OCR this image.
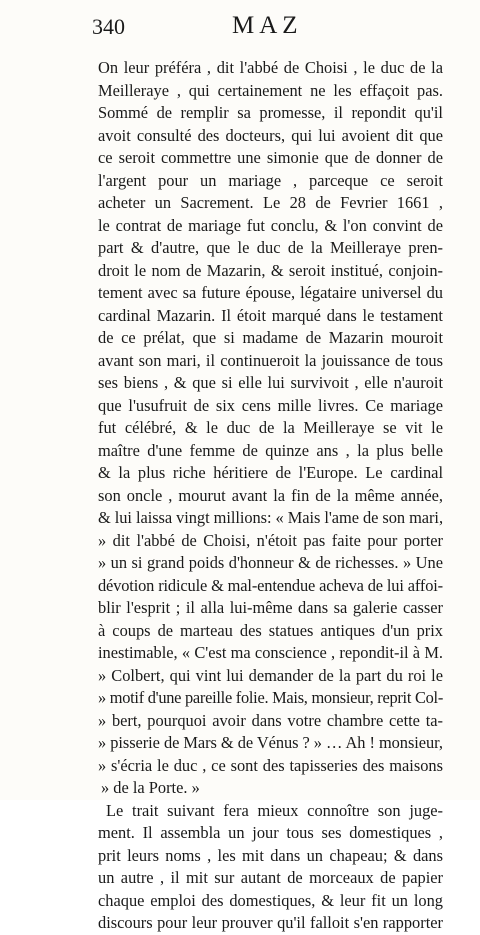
340	MAZ
On leur préféra , dit l'abbé de Choisi , le duc de la
Meilleraye , qui certainement ne les effaçoit pas.
Sommé de remplir sa promesse, il repondit qu'il
avoit consulté des docteurs, qui lui avoient dit que
ce seroit commettre une simonie que de donner de
l'argent pour un mariage , parceque ce seroit
acheter un Sacrement. Le 28 de Fevrier 1661 ,
le contrat de mariage fut conclu, & l'on convint de
part & d'autre, que le duc de la Meilleraye pren-
droit le nom de Mazarin, & seroit institué, conjoin-
tement avec sa future épouse, légataire universel du
cardinal Mazarin. Il étoit marqué dans le testament
de ce prélat, que si madame de Mazarin mouroit
avant son mari, il continueroit la jouissance de tous
ses biens , & que si elle lui survivoit , elle n'auroit
que l'usufruit de six cens mille livres. Ce mariage
fut célébré, & le duc de la Meilleraye se vit le
maître d'une femme de quinze ans , la plus belle
& la plus riche héritiere de l'Europe. Le cardinal
son oncle , mourut avant la fin de la même année,
& lui laissa vingt millions: « Mais l'ame de son mari,
» dit l'abbé de Choisi, n'étoit pas faite pour porter
» un si grand poids d'honneur & de richesses. » Une
dévotion ridicule & mal-entendue acheva de lui affoi-
blir l'esprit ; il alla lui-même dans sa galerie casser
à coups de marteau des statues antiques d'un prix
inestimable, « C'est ma conscience , repondit-il à M.
» Colbert, qui vint lui demander de la part du roi le
» motif d'une pareille folie. Mais, monsieur, reprit Col-
» bert, pourquoi avoir dans votre chambre cette ta-
» pisserie de Mars & de Vénus ? » … Ah ! monsieur,
» s'écria le duc , ce sont des tapisseries des maisons
» de la Porte. »
Le trait suivant fera mieux connoître son juge-
ment. Il assembla un jour tous ses domestiques ,
prit leurs noms , les mit dans un chapeau; & dans
un autre , il mit sur autant de morceaux de papier
chaque emploi des domestiques, & leur fit un long
discours pour leur prouver qu'il falloit s'en rapporter
